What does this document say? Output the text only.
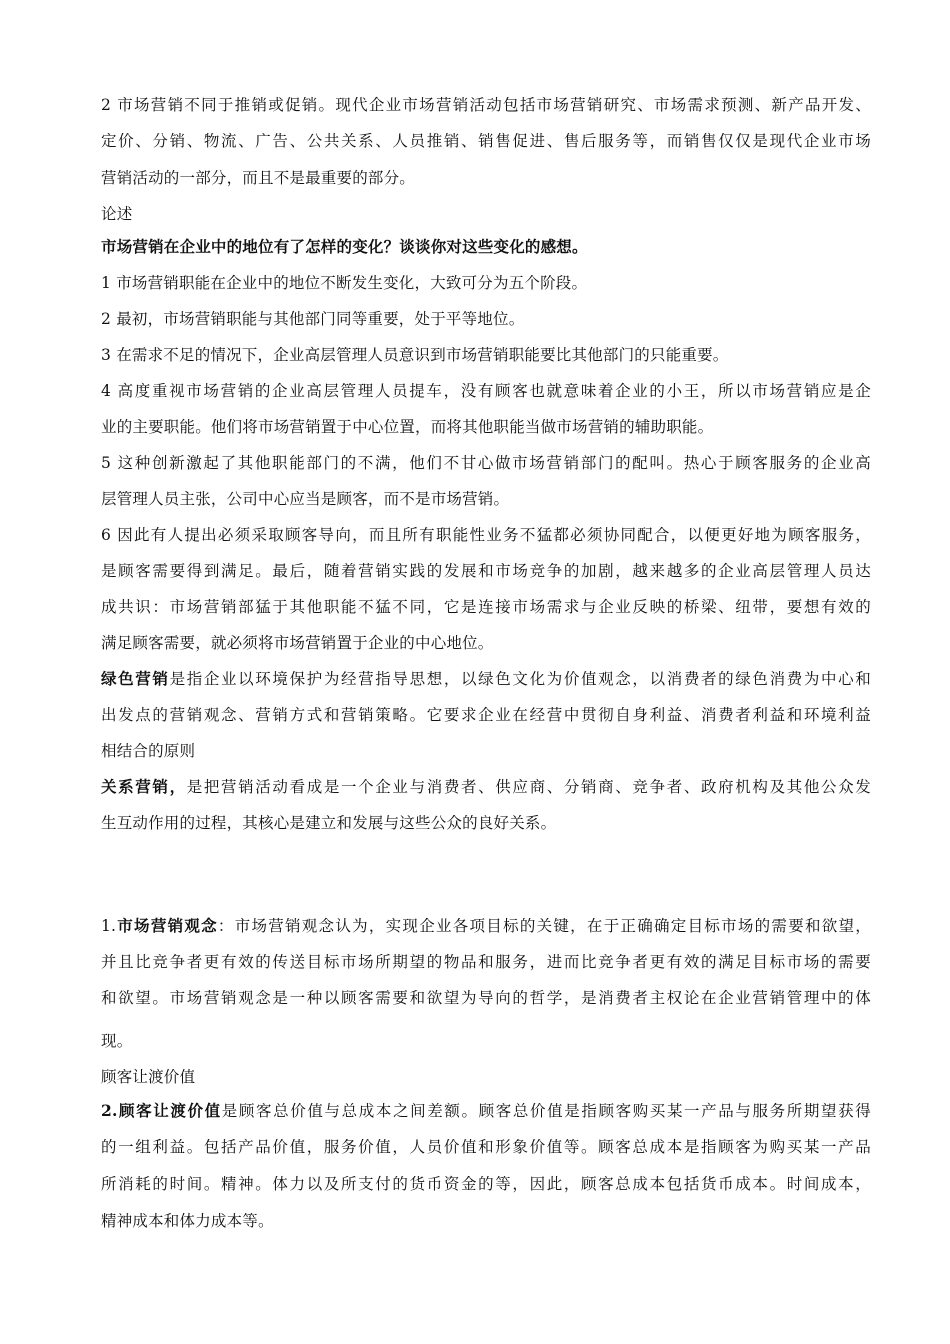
2 市场营销不同于推销或促销。现代企业市场营销活动包括市场营销研究、市场需求预测、新产品开发、
定价、分销、物流、广告、公共关系、人员推销、销售促进、售后服务等，而销售仅仅是现代企业市场
营销活动的一部分，而且不是最重要的部分。
论述
市场营销在企业中的地位有了怎样的变化？谈谈你对这些变化的感想。
1 市场营销职能在企业中的地位不断发生变化，大致可分为五个阶段。
2 最初，市场营销职能与其他部门同等重要，处于平等地位。
3 在需求不足的情况下，企业高层管理人员意识到市场营销职能要比其他部门的只能重要。
4 高度重视市场营销的企业高层管理人员提车，没有顾客也就意味着企业的小王，所以市场营销应是企
业的主要职能。他们将市场营销置于中心位置，而将其他职能当做市场营销的辅助职能。
5 这种创新激起了其他职能部门的不满，他们不甘心做市场营销部门的配叫。热心于顾客服务的企业高
层管理人员主张，公司中心应当是顾客，而不是市场营销。
6 因此有人提出必须采取顾客导向，而且所有职能性业务不猛都必须协同配合，以便更好地为顾客服务，
是顾客需要得到满足。最后，随着营销实践的发展和市场竞争的加剧，越来越多的企业高层管理人员达
成共识：市场营销部猛于其他职能不猛不同，它是连接市场需求与企业反映的桥梁、纽带，要想有效的
满足顾客需要，就必须将市场营销置于企业的中心地位。
绿色营销是指企业以环境保护为经营指导思想，以绿色文化为价值观念，以消费者的绿色消费为中心和
出发点的营销观念、营销方式和营销策略。它要求企业在经营中贯彻自身利益、消费者利益和环境利益
相结合的原则
关系营销，是把营销活动看成是一个企业与消费者、供应商、分销商、竞争者、政府机构及其他公众发
生互动作用的过程，其核心是建立和发展与这些公众的良好关系。
1.市场营销观念：市场营销观念认为，实现企业各项目标的关键，在于正确确定目标市场的需要和欲望，
并且比竞争者更有效的传送目标市场所期望的物品和服务，进而比竞争者更有效的满足目标市场的需要
和欲望。市场营销观念是一种以顾客需要和欲望为导向的哲学，是消费者主权论在企业营销管理中的体
现。
顾客让渡价值
2.顾客让渡价值是顾客总价值与总成本之间差额。顾客总价值是指顾客购买某一产品与服务所期望获得
的一组利益。包括产品价值，服务价值，人员价值和形象价值等。顾客总成本是指顾客为购买某一产品
所消耗的时间。精神。体力以及所支付的货币资金的等，因此，顾客总成本包括货币成本。时间成本，
精神成本和体力成本等。
